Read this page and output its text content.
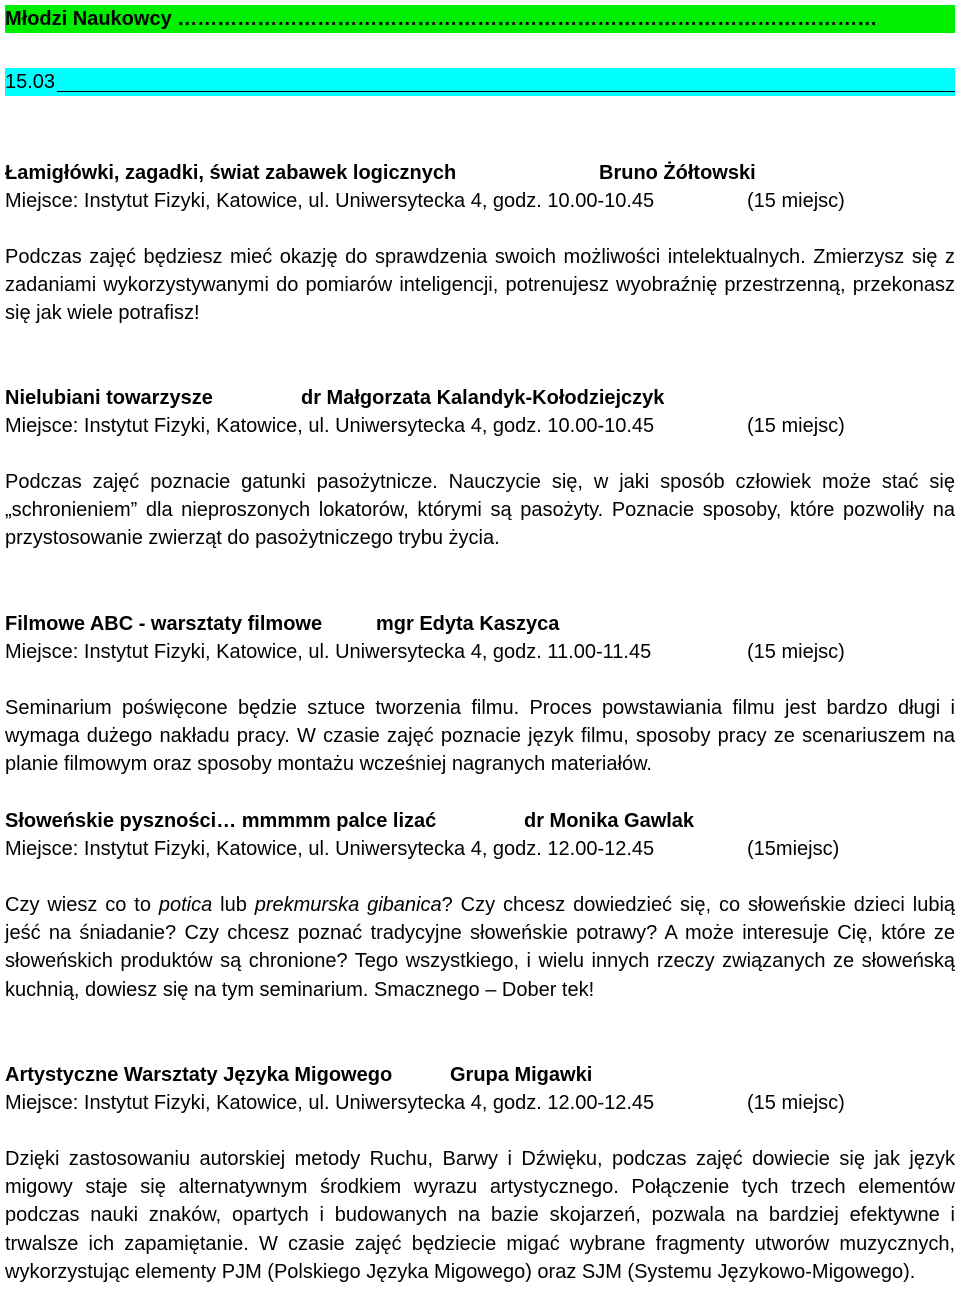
Młodzi Naukowcy ……………………………………………………………………………………………
15.03
Łamigłówki, zagadki, świat zabawek logicznych	Bruno Żółtowski
Miejsce: Instytut Fizyki, Katowice, ul. Uniwersytecka 4, godz. 10.00-10.45	(15 miejsc)
Podczas zajęć będziesz mieć okazję do sprawdzenia swoich możliwości intelektualnych. Zmierzysz się z zadaniami wykorzystywanymi do pomiarów inteligencji, potrenujesz wyobraźnię przestrzenną, przekonasz się jak wiele potrafisz!
Nielubiani towarzysze	dr Małgorzata Kalandyk-Kołodziejczyk
Miejsce: Instytut Fizyki, Katowice, ul. Uniwersytecka 4, godz. 10.00-10.45	(15 miejsc)
Podczas zajęć poznacie gatunki pasożytnicze. Nauczycie się, w jaki sposób człowiek może stać się „schronieniem” dla nieproszonych lokatorów, którymi są pasożyty. Poznacie sposoby, które pozwoliły na przystosowanie zwierząt do pasożytniczego trybu życia.
Filmowe ABC - warsztaty filmowe	mgr Edyta Kaszyca
Miejsce: Instytut Fizyki, Katowice, ul. Uniwersytecka 4, godz. 11.00-11.45	(15 miejsc)
Seminarium poświęcone będzie sztuce tworzenia filmu. Proces powstawiania filmu jest bardzo długi i wymaga dużego nakładu pracy. W czasie zajęć poznacie język filmu, sposoby pracy ze scenariuszem na planie filmowym oraz sposoby montażu wcześniej nagranych materiałów.
Słoweńskie pyszności… mmmmm palce lizać	dr Monika Gawlak
Miejsce: Instytut Fizyki, Katowice, ul. Uniwersytecka 4, godz. 12.00-12.45	(15miejsc)
Czy wiesz co to potica lub prekmurska gibanica? Czy chcesz dowiedzieć się, co słoweńskie dzieci lubią jeść na śniadanie? Czy chcesz poznać tradycyjne słoweńskie potrawy? A może interesuje Cię, które ze słoweńskich produktów są chronione? Tego wszystkiego, i wielu innych rzeczy związanych ze słoweńską kuchnią, dowiesz się na tym seminarium. Smacznego – Dober tek!
Artystyczne Warsztaty Języka Migowego	Grupa Migawki
Miejsce: Instytut Fizyki, Katowice, ul. Uniwersytecka 4, godz. 12.00-12.45	(15 miejsc)
Dzięki zastosowaniu autorskiej metody Ruchu, Barwy i Dźwięku, podczas zajęć dowiecie się jak język migowy staje się alternatywnym środkiem wyrazu artystycznego. Połączenie tych trzech elementów podczas nauki znaków, opartych i budowanych na bazie skojarzeń, pozwala na bardziej efektywne i trwalsze ich zapamiętanie. W czasie zajęć będziecie migać wybrane fragmenty utworów muzycznych, wykorzystując elementy PJM (Polskiego Języka Migowego) oraz SJM (Systemu Językowo-Migowego).
